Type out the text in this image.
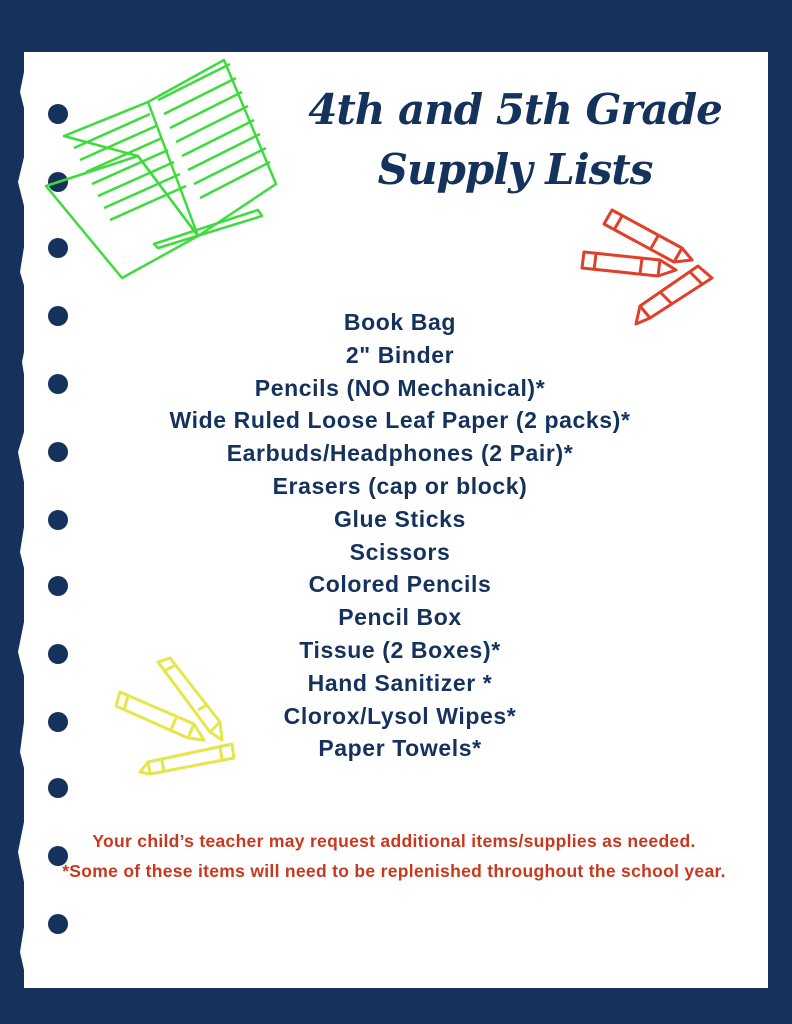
4th and 5th Grade
Supply Lists
Book Bag
2" Binder
Pencils (NO Mechanical)*
Wide Ruled Loose Leaf Paper (2 packs)*
Earbuds/Headphones (2 Pair)*
Erasers (cap or block)
Glue Sticks
Scissors
Colored Pencils
Pencil Box
Tissue (2 Boxes)*
Hand Sanitizer *
Clorox/Lysol Wipes*
Paper Towels*
Your child’s teacher may request additional items/supplies as needed.
*Some of these items will need to be replenished throughout the school year.
